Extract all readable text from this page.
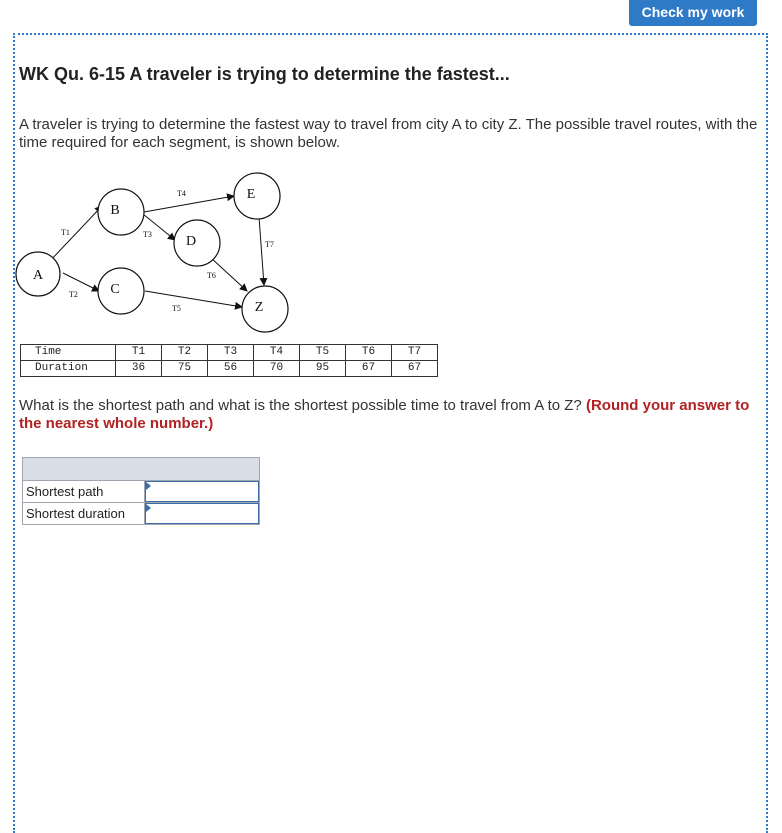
Check my work
WK Qu. 6-15 A traveler is trying to determine the fastest...

A traveler is trying to determine the fastest way to travel from city A to city Z. The possible travel routes, with the time required for each segment, is shown below.

T1
T2
T3
T4
T5
T6
T7
A
B
C
D
E
Z
Time	T1	T2	T3	T4	T5	T6	T7
Duration	36	75	56	70	95	67	67

What is the shortest path and what is the shortest possible time to travel from A to Z? (Round your answer to the nearest whole number.)

Shortest path	

Shortest duration	
